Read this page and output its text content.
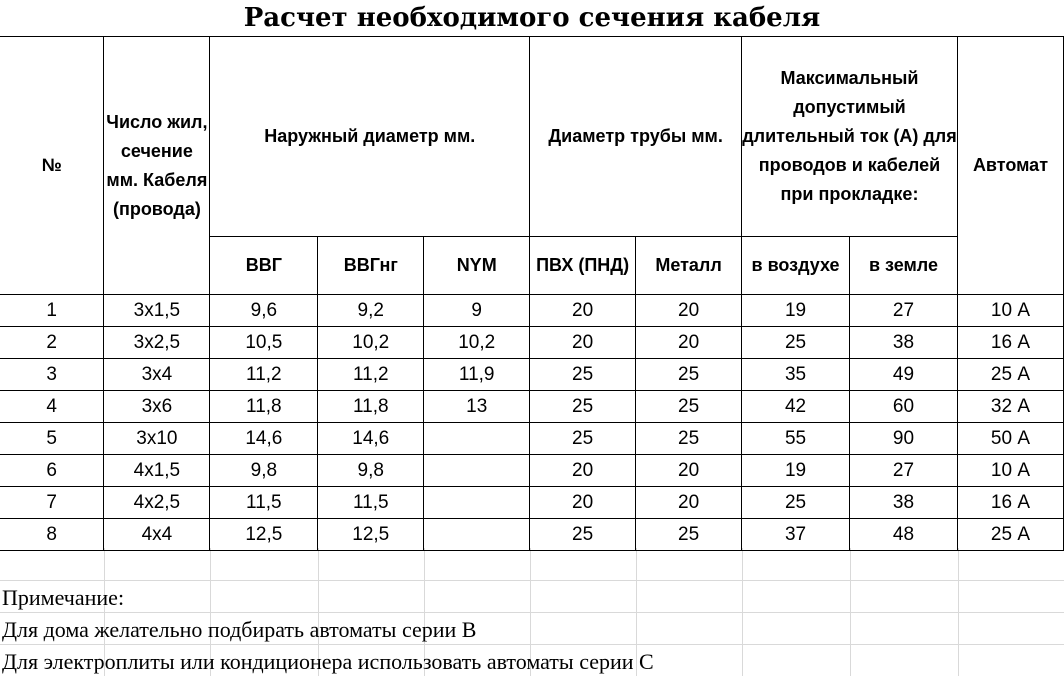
Расчет необходимого сечения кабеля
№	Число жил, сечение мм. Кабеля (провода)	Наружный диаметр мм.			Диаметр трубы мм.		Максимальный допустимый длительный ток (А) для проводов и кабелей при прокладке:		Автомат
		ВВГ	ВВГнг	NYM	ПВХ (ПНД)	Металл	в воздухе	в земле	
1	3х1,5	9,6	9,2	9	20	20	19	27	10 А
2	3х2,5	10,5	10,2	10,2	20	20	25	38	16 А
3	3х4	11,2	11,2	11,9	25	25	35	49	25 А
4	3х6	11,8	11,8	13	25	25	42	60	32 А
5	3х10	14,6	14,6		25	25	55	90	50 А
6	4х1,5	9,8	9,8		20	20	19	27	10 А
7	4х2,5	11,5	11,5		20	20	25	38	16 А
8	4х4	12,5	12,5		25	25	37	48	25 А
Примечание:
Для дома желательно подбирать автоматы серии В
Для электроплиты или кондиционера использовать автоматы серии С
